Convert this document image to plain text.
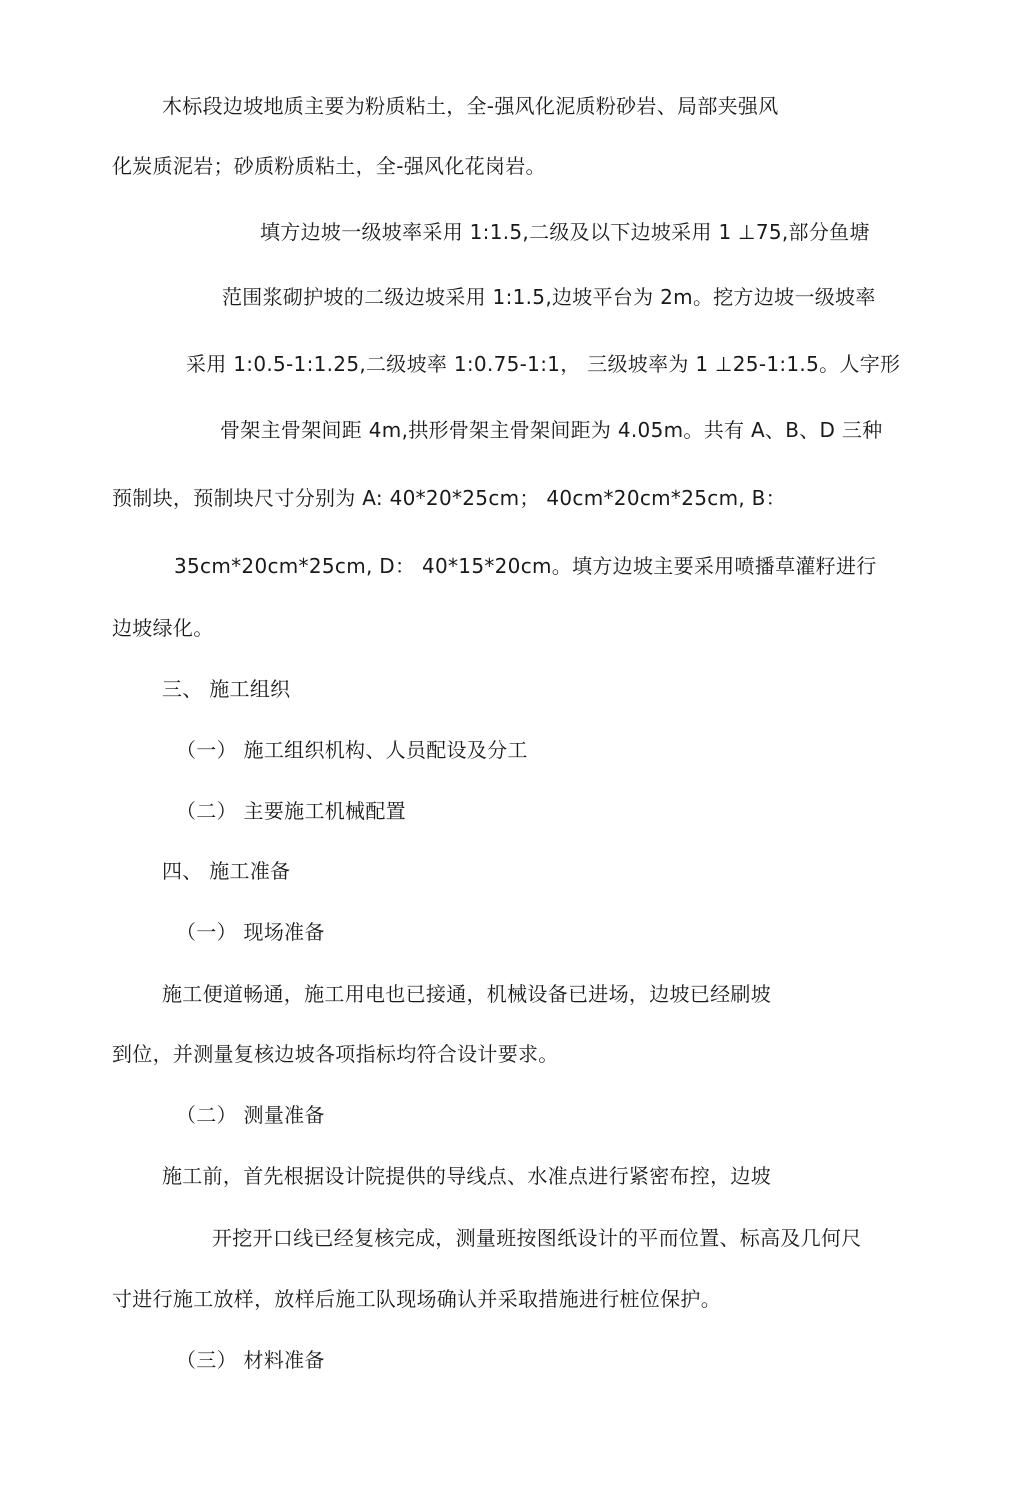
木标段边坡地质主要为粉质粘土，全-强风化泥质粉砂岩、局部夹强风
化炭质泥岩；砂质粉质粘土，全-强风化花岗岩。
填方边坡一级坡率采用 1:1.5,二级及以下边坡采用 1 ⊥75,部分鱼塘
范围浆砌护坡的二级边坡采用 1:1.5,边坡平台为 2m。挖方边坡一级坡率
采用 1:0.5-1:1.25,二级坡率 1:0.75-1:1， 三级坡率为 1 ⊥25-1:1.5。人字形
骨架主骨架间距 4m,拱形骨架主骨架间距为 4.05m。共有 A、B、D 三种
预制块，预制块尺寸分别为 A: 40*20*25cm； 40cm*20cm*25cm, B：
35cm*20cm*25cm, D： 40*15*20cm。填方边坡主要采用喷播草灌籽进行
边坡绿化。
三、 施工组织
（一） 施工组织机构、人员配设及分工
（二） 主要施工机械配置
四、 施工准备
（一） 现场准备
施工便道畅通，施工用电也已接通，机械设备已进场，边坡已经刷坡
到位，并测量复核边坡各项指标均符合设计要求。
（二） 测量准备
施工前，首先根据设计院提供的导线点、水准点进行紧密布控，边坡
开挖开口线已经复核完成，测量班按图纸设计的平而位置、标高及几何尺
寸进行施工放样，放样后施工队现场确认并采取措施进行桩位保护。
（三） 材料准备
